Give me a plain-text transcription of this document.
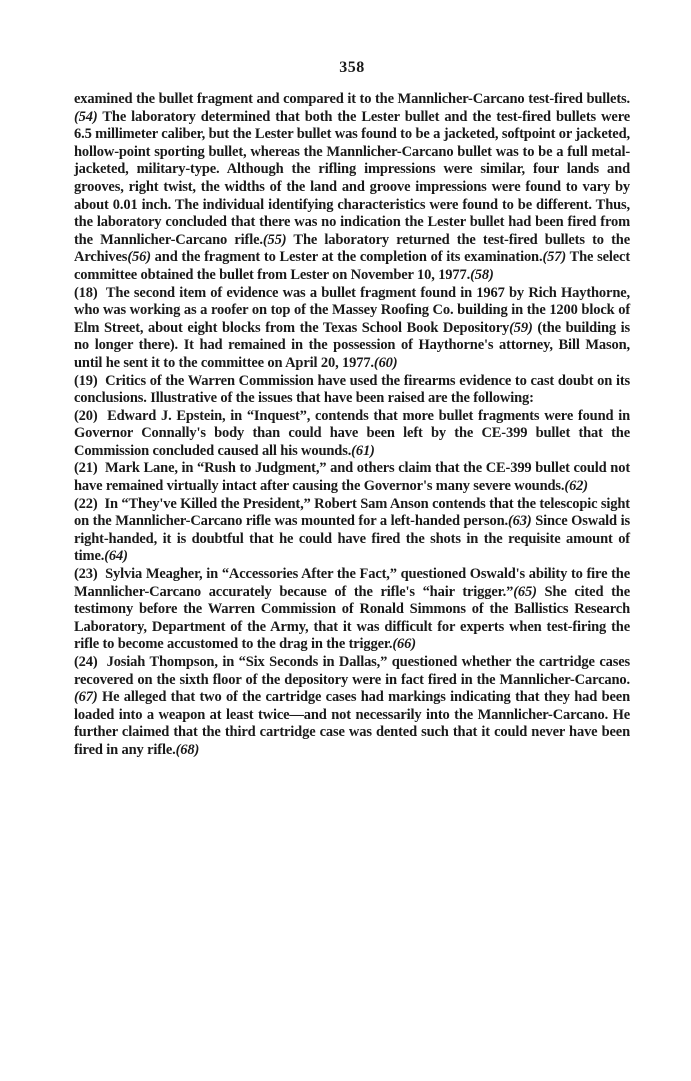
358

examined the bullet fragment and compared it to the Mannlicher-Carcano test-fired bullets.(54) The laboratory determined that both the Lester bullet and the test-fired bullets were 6.5 millimeter caliber, but the Lester bullet was found to be a jacketed, softpoint or jacketed, hollow-point sporting bullet, whereas the Mannlicher-Carcano bullet was to be a full metal-jacketed, military-type. Although the rifling impressions were similar, four lands and grooves, right twist, the widths of the land and groove impressions were found to vary by about 0.01 inch. The individual identifying characteristics were found to be different. Thus, the laboratory concluded that there was no indication the Lester bullet had been fired from the Mannlicher-Carcano rifle.(55) The laboratory returned the test-fired bullets to the Archives(56) and the fragment to Lester at the completion of its examination.(57) The select committee obtained the bullet from Lester on November 10, 1977.(58)

(18)  The second item of evidence was a bullet fragment found in 1967 by Rich Haythorne, who was working as a roofer on top of the Massey Roofing Co. building in the 1200 block of Elm Street, about eight blocks from the Texas School Book Depository(59) (the building is no longer there). It had remained in the possession of Haythorne's attorney, Bill Mason, until he sent it to the committee on April 20, 1977.(60)

(19)  Critics of the Warren Commission have used the firearms evidence to cast doubt on its conclusions. Illustrative of the issues that have been raised are the following:

(20)  Edward J. Epstein, in “Inquest”, contends that more bullet fragments were found in Governor Connally's body than could have been left by the CE-399 bullet that the Commission concluded caused all his wounds.(61)

(21)  Mark Lane, in “Rush to Judgment,” and others claim that the CE-399 bullet could not have remained virtually intact after causing the Governor's many severe wounds.(62)

(22)  In “They've Killed the President,” Robert Sam Anson contends that the telescopic sight on the Mannlicher-Carcano rifle was mounted for a left-handed person.(63) Since Oswald is right-handed, it is doubtful that he could have fired the shots in the requisite amount of time.(64)

(23)  Sylvia Meagher, in “Accessories After the Fact,” questioned Oswald's ability to fire the Mannlicher-Carcano accurately because of the rifle's “hair trigger.”(65) She cited the testimony before the Warren Commission of Ronald Simmons of the Ballistics Research Laboratory, Department of the Army, that it was difficult for experts when test-firing the rifle to become accustomed to the drag in the trigger.(66)

(24)  Josiah Thompson, in “Six Seconds in Dallas,” questioned whether the cartridge cases recovered on the sixth floor of the depository were in fact fired in the Mannlicher-Carcano.(67) He alleged that two of the cartridge cases had markings indicating that they had been loaded into a weapon at least twice—and not necessarily into the Mannlicher-Carcano. He further claimed that the third cartridge case was dented such that it could never have been fired in any rifle.(68)
